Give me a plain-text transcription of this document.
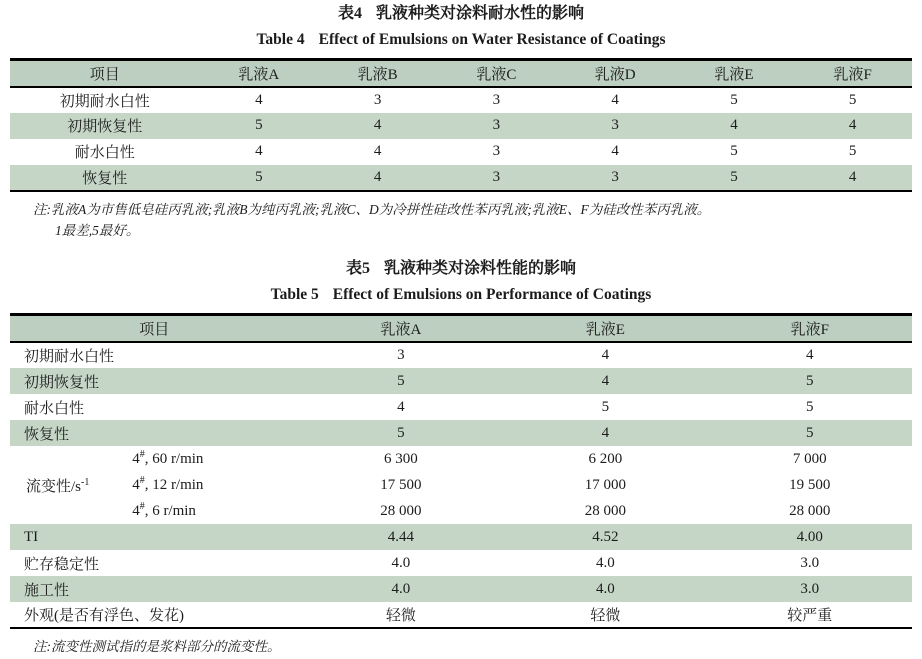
表4 乳液种类对涂料耐水性的影响
Table 4 Effect of Emulsions on Water Resistance of Coatings
项目	乳液A	乳液B	乳液C	乳液D	乳液E	乳液F
初期耐水白性	4	3	3	4	5	5
初期恢复性	5	4	3	3	4	4
耐水白性	4	4	3	4	5	5
恢复性	5	4	3	3	5	4
注:乳液A为市售低皂硅丙乳液;乳液B为纯丙乳液;乳液C、D为冷拼性硅改性苯丙乳液;乳液E、F为硅改性苯丙乳液。
1最差,5最好。
表5 乳液种类对涂料性能的影响
Table 5 Effect of Emulsions on Performance of Coatings
项目		乳液A	乳液E	乳液F
初期耐水白性		3	4	4
初期恢复性		5	4	5
耐水白性		4	5	5
恢复性		5	4	5
流变性$/s^{-1}$	4#, 60 r/min	6 300	6 200	7 000
	4#, 12 r/min	17 500	17 000	19 500
	4#, 6 r/min	28 000	28 000	28 000
TI		4.44	4.52	4.00
贮存稳定性		4.0	4.0	3.0
施工性		4.0	4.0	3.0
外观(是否有浮色、发花)		轻微	轻微	较严重
注:流变性测试指的是浆料部分的流变性。
